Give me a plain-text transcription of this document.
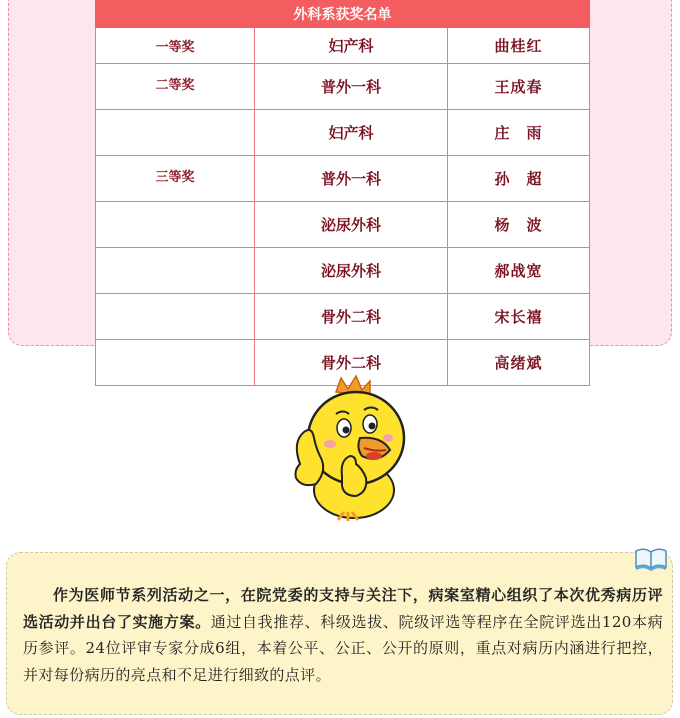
外科系获奖名单		
一等奖	妇产科	曲桂红
二等奖	普外一科	王成春
	妇产科	庄　雨
三等奖	普外一科	孙　超
	泌尿外科	杨　波
	泌尿外科	郝战宽
	骨外二科	宋长禧
	骨外二科	高绪斌

作为医师节系列活动之一，在院党委的支持与关注下，病案室精心组织了本次优秀病历评选活动并出台了实施方案。通过自我推荐、科级选拔、院级评选等程序在全院评选出120本病历参评。24位评审专家分成6组，本着公平、公正、公开的原则，重点对病历内涵进行把控，并对每份病历的亮点和不足进行细致的点评。
